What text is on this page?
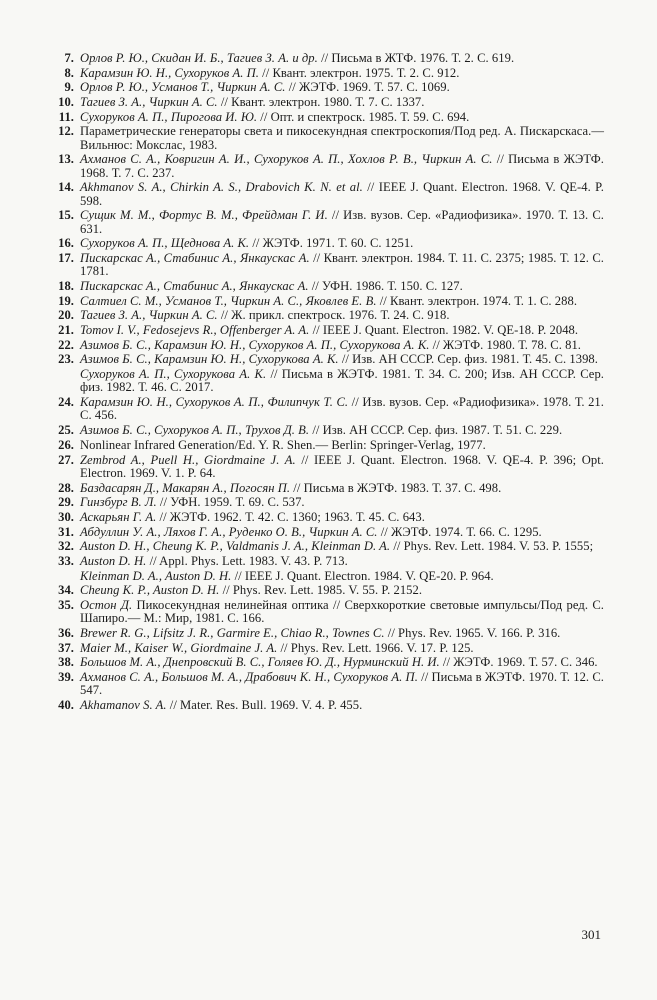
7. Орлов Р. Ю., Скидан И. Б., Тагиев З. А. и др. // Письма в ЖТФ. 1976. Т. 2. С. 619.
8. Карамзин Ю. Н., Сухоруков А. П. // Квант. электрон. 1975. Т. 2. С. 912.
9. Орлов Р. Ю., Усманов Т., Чиркин А. С. // ЖЭТФ. 1969. Т. 57. С. 1069.
10. Тагиев З. А., Чиркин А. С. // Квант. электрон. 1980. Т. 7. С. 1337.
11. Сухоруков А. П., Пирогова И. Ю. // Опт. и спектроск. 1985. Т. 59. С. 694.
12. Параметрические генераторы света и пикосекундная спектроскопия/Под ред. А. Пискарскаса.— Вильнюс: Мокслас, 1983.
13. Ахманов С. А., Ковригин А. И., Сухоруков А. П., Хохлов Р. В., Чиркин А. С. // Письма в ЖЭТФ. 1968. Т. 7. С. 237.
14. Akhmanov S. A., Chirkin A. S., Drabovich K. N. et al. // IEEE J. Quant. Electron. 1968. V. QE-4. P. 598.
15. Сущик М. М., Фортус В. М., Фрейдман Г. И. // Изв. вузов. Сер. «Радиофизика». 1970. Т. 13. С. 631.
16. Сухоруков А. П., Щеднова А. К. // ЖЭТФ. 1971. Т. 60. С. 1251.
17. Пискарскас А., Стабинис А., Янкаускас А. // Квант. электрон. 1984. Т. 11. С. 2375; 1985. Т. 12. С. 1781.
18. Пискарскас А., Стабинис А., Янкаускас А. // УФН. 1986. Т. 150. С. 127.
19. Салтиел С. М., Усманов Т., Чиркин А. С., Яковлев Е. В. // Квант. электрон. 1974. Т. 1. С. 288.
20. Тагиев З. А., Чиркин А. С. // Ж. прикл. спектроск. 1976. Т. 24. С. 918.
21. Tomov I. V., Fedosejevs R., Offenberger A. A. // IEEE J. Quant. Electron. 1982. V. QE-18. P. 2048.
22. Азимов Б. С., Карамзин Ю. Н., Сухоруков А. П., Сухорукова А. К. // ЖЭТФ. 1980. Т. 78. С. 81.
23. Азимов Б. С., Карамзин Ю. Н., Сухорукова А. К. // Изв. АН СССР. Сер. физ. 1981. Т. 45. С. 1398.
Сухоруков А. П., Сухорукова А. К. // Письма в ЖЭТФ. 1981. Т. 34. С. 200; Изв. АН СССР. Сер. физ. 1982. Т. 46. С. 2017.
24. Карамзин Ю. Н., Сухоруков А. П., Филипчук Т. С. // Изв. вузов. Сер. «Радиофизика». 1978. Т. 21. С. 456.
25. Азимов Б. С., Сухоруков А. П., Трухов Д. В. // Изв. АН СССР. Сер. физ. 1987. Т. 51. С. 229.
26. Nonlinear Infrared Generation/Ed. Y. R. Shen.— Berlin: Springer-Verlag, 1977.
27. Zembrod A., Puell H., Giordmaine J. A. // IEEE J. Quant. Electron. 1968. V. QE-4. P. 396; Opt. Electron. 1969. V. 1. P. 64.
28. Баздасарян Д., Макарян А., Погосян П. // Письма в ЖЭТФ. 1983. Т. 37. С. 498.
29. Гинзбург В. Л. // УФН. 1959. Т. 69. С. 537.
30. Аскарьян Г. А. // ЖЭТФ. 1962. Т. 42. С. 1360; 1963. Т. 45. С. 643.
31. Абдуллин У. А., Ляхов Г. А., Руденко О. В., Чиркин А. С. // ЖЭТФ. 1974. Т. 66. С. 1295.
32. Auston D. H., Cheung K. P., Valdmanis J. A., Kleinman D. A. // Phys. Rev. Lett. 1984. V. 53. P. 1555;
33. Auston D. H. // Appl. Phys. Lett. 1983. V. 43. P. 713.
Kleinman D. A., Auston D. H. // IEEE J. Quant. Electron. 1984. V. QE-20. P. 964.
34. Cheung K. P., Auston D. H. // Phys. Rev. Lett. 1985. V. 55. P. 2152.
35. Остон Д. Пикосекундная нелинейная оптика // Сверхкороткие световые импульсы/Под ред. С. Шапиро.— М.: Мир, 1981. С. 166.
36. Brewer R. G., Lifsitz J. R., Garmire E., Chiao R., Townes C. // Phys. Rev. 1965. V. 166. P. 316.
37. Maier M., Kaiser W., Giordmaine J. A. // Phys. Rev. Lett. 1966. V. 17. P. 125.
38. Большов М. А., Днепровский В. С., Голяев Ю. Д., Нурминский Н. И. // ЖЭТФ. 1969. Т. 57. С. 346.
39. Ахманов С. А., Большов М. А., Драбович К. Н., Сухоруков А. П. // Письма в ЖЭТФ. 1970. Т. 12. С. 547.
40. Akhamanov S. A. // Mater. Res. Bull. 1969. V. 4. P. 455.
301
